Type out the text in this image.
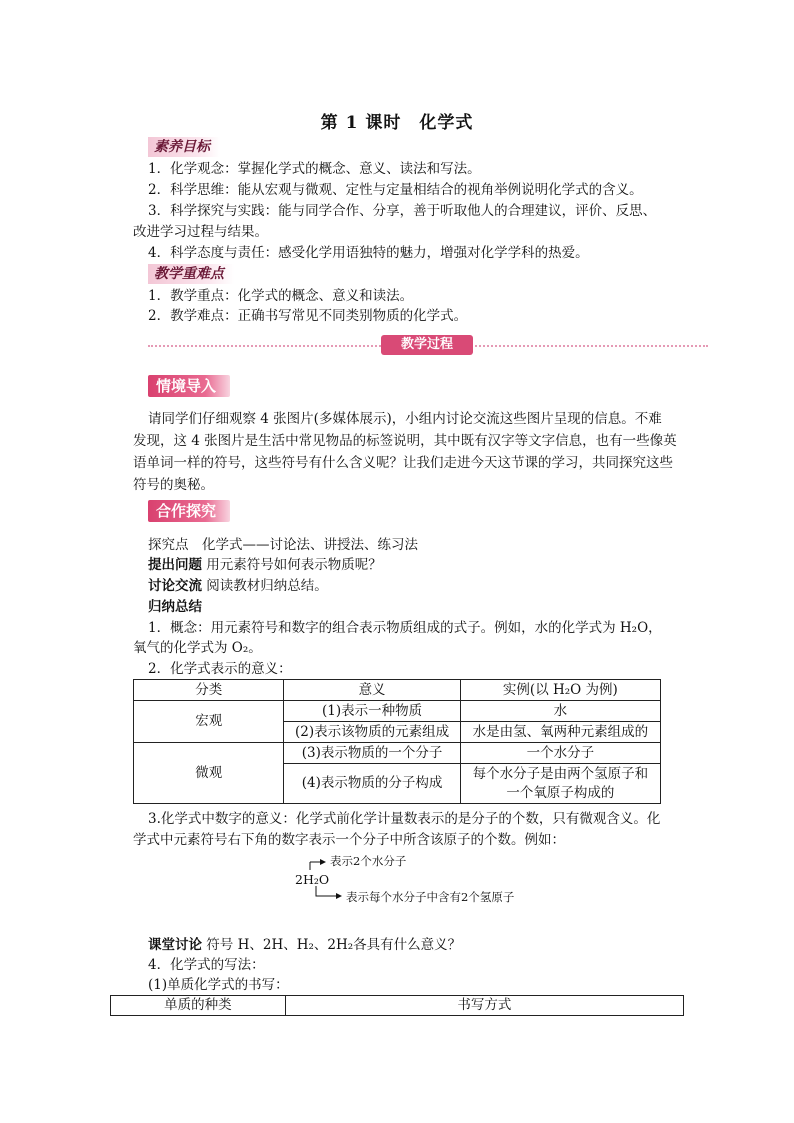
第 1 课时　化学式
素养目标
1．化学观念：掌握化学式的概念、意义、读法和写法。
2．科学思维：能从宏观与微观、定性与定量相结合的视角举例说明化学式的含义。
3．科学探究与实践：能与同学合作、分享，善于听取他人的合理建议，评价、反思、
改进学习过程与结果。
4．科学态度与责任：感受化学用语独特的魅力，增强对化学学科的热爱。
教学重难点
1．教学重点：化学式的概念、意义和读法。
2．教学难点：正确书写常见不同类别物质的化学式。
教学过程
情境导入
请同学们仔细观察 4 张图片(多媒体展示)，小组内讨论交流这些图片呈现的信息。不难
发现，这 4 张图片是生活中常见物品的标签说明，其中既有汉字等文字信息，也有一些像英
语单词一样的符号，这些符号有什么含义呢？让我们走进今天这节课的学习，共同探究这些
符号的奥秘。
合作探究
探究点　化学式——讨论法、讲授法、练习法
提出问题 用元素符号如何表示物质呢？
讨论交流 阅读教材归纳总结。
归纳总结
1．概念：用元素符号和数字的组合表示物质组成的式子。例如，水的化学式为 H₂O，
氧气的化学式为 O₂。
2．化学式表示的意义：
分类	意义	实例(以 H₂O 为例)
宏观	(1)表示一种物质	水
	(2)表示该物质的元素组成	水是由氢、氧两种元素组成的
微观	(3)表示物质的一个分子	一个水分子
	(4)表示物质的分子构成	每个水分子是由两个氢原子和
一个氧原子构成的
3.化学式中数字的意义：化学式前化学计量数表示的是分子的个数，只有微观含义。化
学式中元素符号右下角的数字表示一个分子中所含该原子的个数。例如：
表示2个水分子
2H₂O
表示每个水分子中含有2个氢原子
课堂讨论 符号 H、2H、H₂、2H₂各具有什么意义？
4．化学式的写法：
(1)单质化学式的书写：
单质的种类	书写方式
